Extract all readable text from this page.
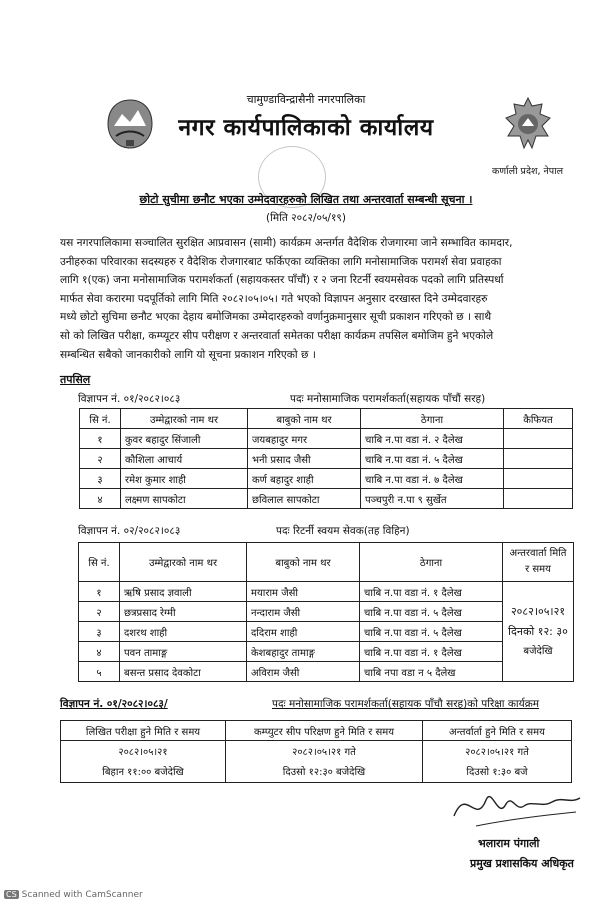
चामुण्डाविन्द्रासैनी नगरपालिका
नगर कार्यपालिकाको कार्यालय
कर्णाली प्रदेश, नेपाल
छोटो सुचीमा छनौट भएका उम्मेदवारहरुको लिखित तथा अन्तरवार्ता सम्बन्धी सूचना ।
(मिति २०८२/०५/१९)
यस नगरपालिकामा सञ्चालित सुरक्षित आप्रवासन (सामी) कार्यक्रम अन्तर्गत वैदेशिक रोजगारमा जाने सम्भावित कामदार,
उनीहरुका परिवारका सदस्यहरु र वैदेशिक रोजगारबाट फर्किएका व्यक्तिका लागि मनोसामाजिक परामर्श सेवा प्रवाहका
लागि १(एक) जना मनोसामाजिक परामर्शकर्ता (सहायकस्तर पाँचौं) र २ जना रिटर्नी स्वयमसेवक पदको लागि प्रतिस्पर्धा
मार्फत सेवा करारमा पदपूर्तिको लागि मिति २०८२।०५।०५। गते भएको विज्ञापन अनुसार दरखास्त दिने उम्मेदवारहरु
मध्ये छोटो सुचिमा छनौट भएका देहाय बमोजिमका उम्मेदारहरुको वर्णानुक्रमानुसार सूची प्रकाशन गरिएको छ । साथै
सो को लिखित परीक्षा, कम्प्यूटर सीप परीक्षण र अन्तरवार्ता समेतका परीक्षा कार्यक्रम तपसिल बमोजिम हुने भएकोले
सम्बन्धित सबैको जानकारीको लागि यो सूचना प्रकाशन गरिएको छ ।
तपसिल
विज्ञापन नं. ०१/२०८२।०८३	पदः मनोसामाजिक परामर्शकर्ता(सहायक पाँचौं सरह)
सि नं.	उम्मेद्वारको नाम थर	बाबुको नाम थर	ठेगाना	कैफियत
१	कुवर बहादुर सिंजाली	जयबहादुर मगर	चाबि न.पा वडा नं. २ दैलेख	
२	कौशिला आचार्य	भनी प्रसाद जैसी	चाबि न.पा वडा नं. ५ दैलेख	
३	रमेश कुमार शाही	कर्ण बहादुर शाही	चाबि न.पा वडा नं. ७ दैलेख	
४	लक्ष्मण सापकोटा	छविलाल सापकोटा	पञ्चपुरी न.पा ९ सुर्खेत	
विज्ञापन नं. ०२/२०८२।०८३	पदः रिटर्नी स्वयम सेवक(तह विहिन)
सि नं.	उम्मेद्वारको नाम थर	बाबुको नाम थर	ठेगाना	अन्तरवार्ता मिति
र समय

१	ऋषि प्रसाद ज्ञवाली	मयाराम जैसी	चाबि न.पा वडा नं. १ दैलेख	२०८२।०५।२१
दिनको १२: ३०
बजेदेखि

२	छत्रप्रसाद रेग्मी	नन्दाराम जैसी	चाबि न.पा वडा नं. ५ दैलेख	
३	दशरथ शाही	ददिराम शाही	चाबि न.पा वडा नं. ५ दैलेख	
४	पवन तामाङ्ग	केशबहादुर तामाङ्ग	चाबि न.पा वडा नं. १ दैलेख	
५	बसन्त प्रसाद देवकोटा	अविराम जैसी	चाबि नपा वडा न ५ दैलेख	
विज्ञापन नं. ०१/२०८२।०८३/	पदः मनोसामाजिक परामर्शकर्ता(सहायक पाँचौ सरह)को परिक्षा कार्यक्रम
लिखित परीक्षा हुने मिति र समय	कम्प्युटर सीप परिक्षण हुने मिति र समय	अन्तर्वार्ता हुने मिति र समय
२०८२।०५।२१	२०८२।०५।२१ गते	२०८२।०५।२१ गते
बिहान ११:०० बजेदेखि	दिउसो १२:३० बजेदेखि	दिउसो १:३० बजे
भलाराम पंगाली
प्रमुख प्रशासकिय अधिकृत
CS Scanned with CamScanner
